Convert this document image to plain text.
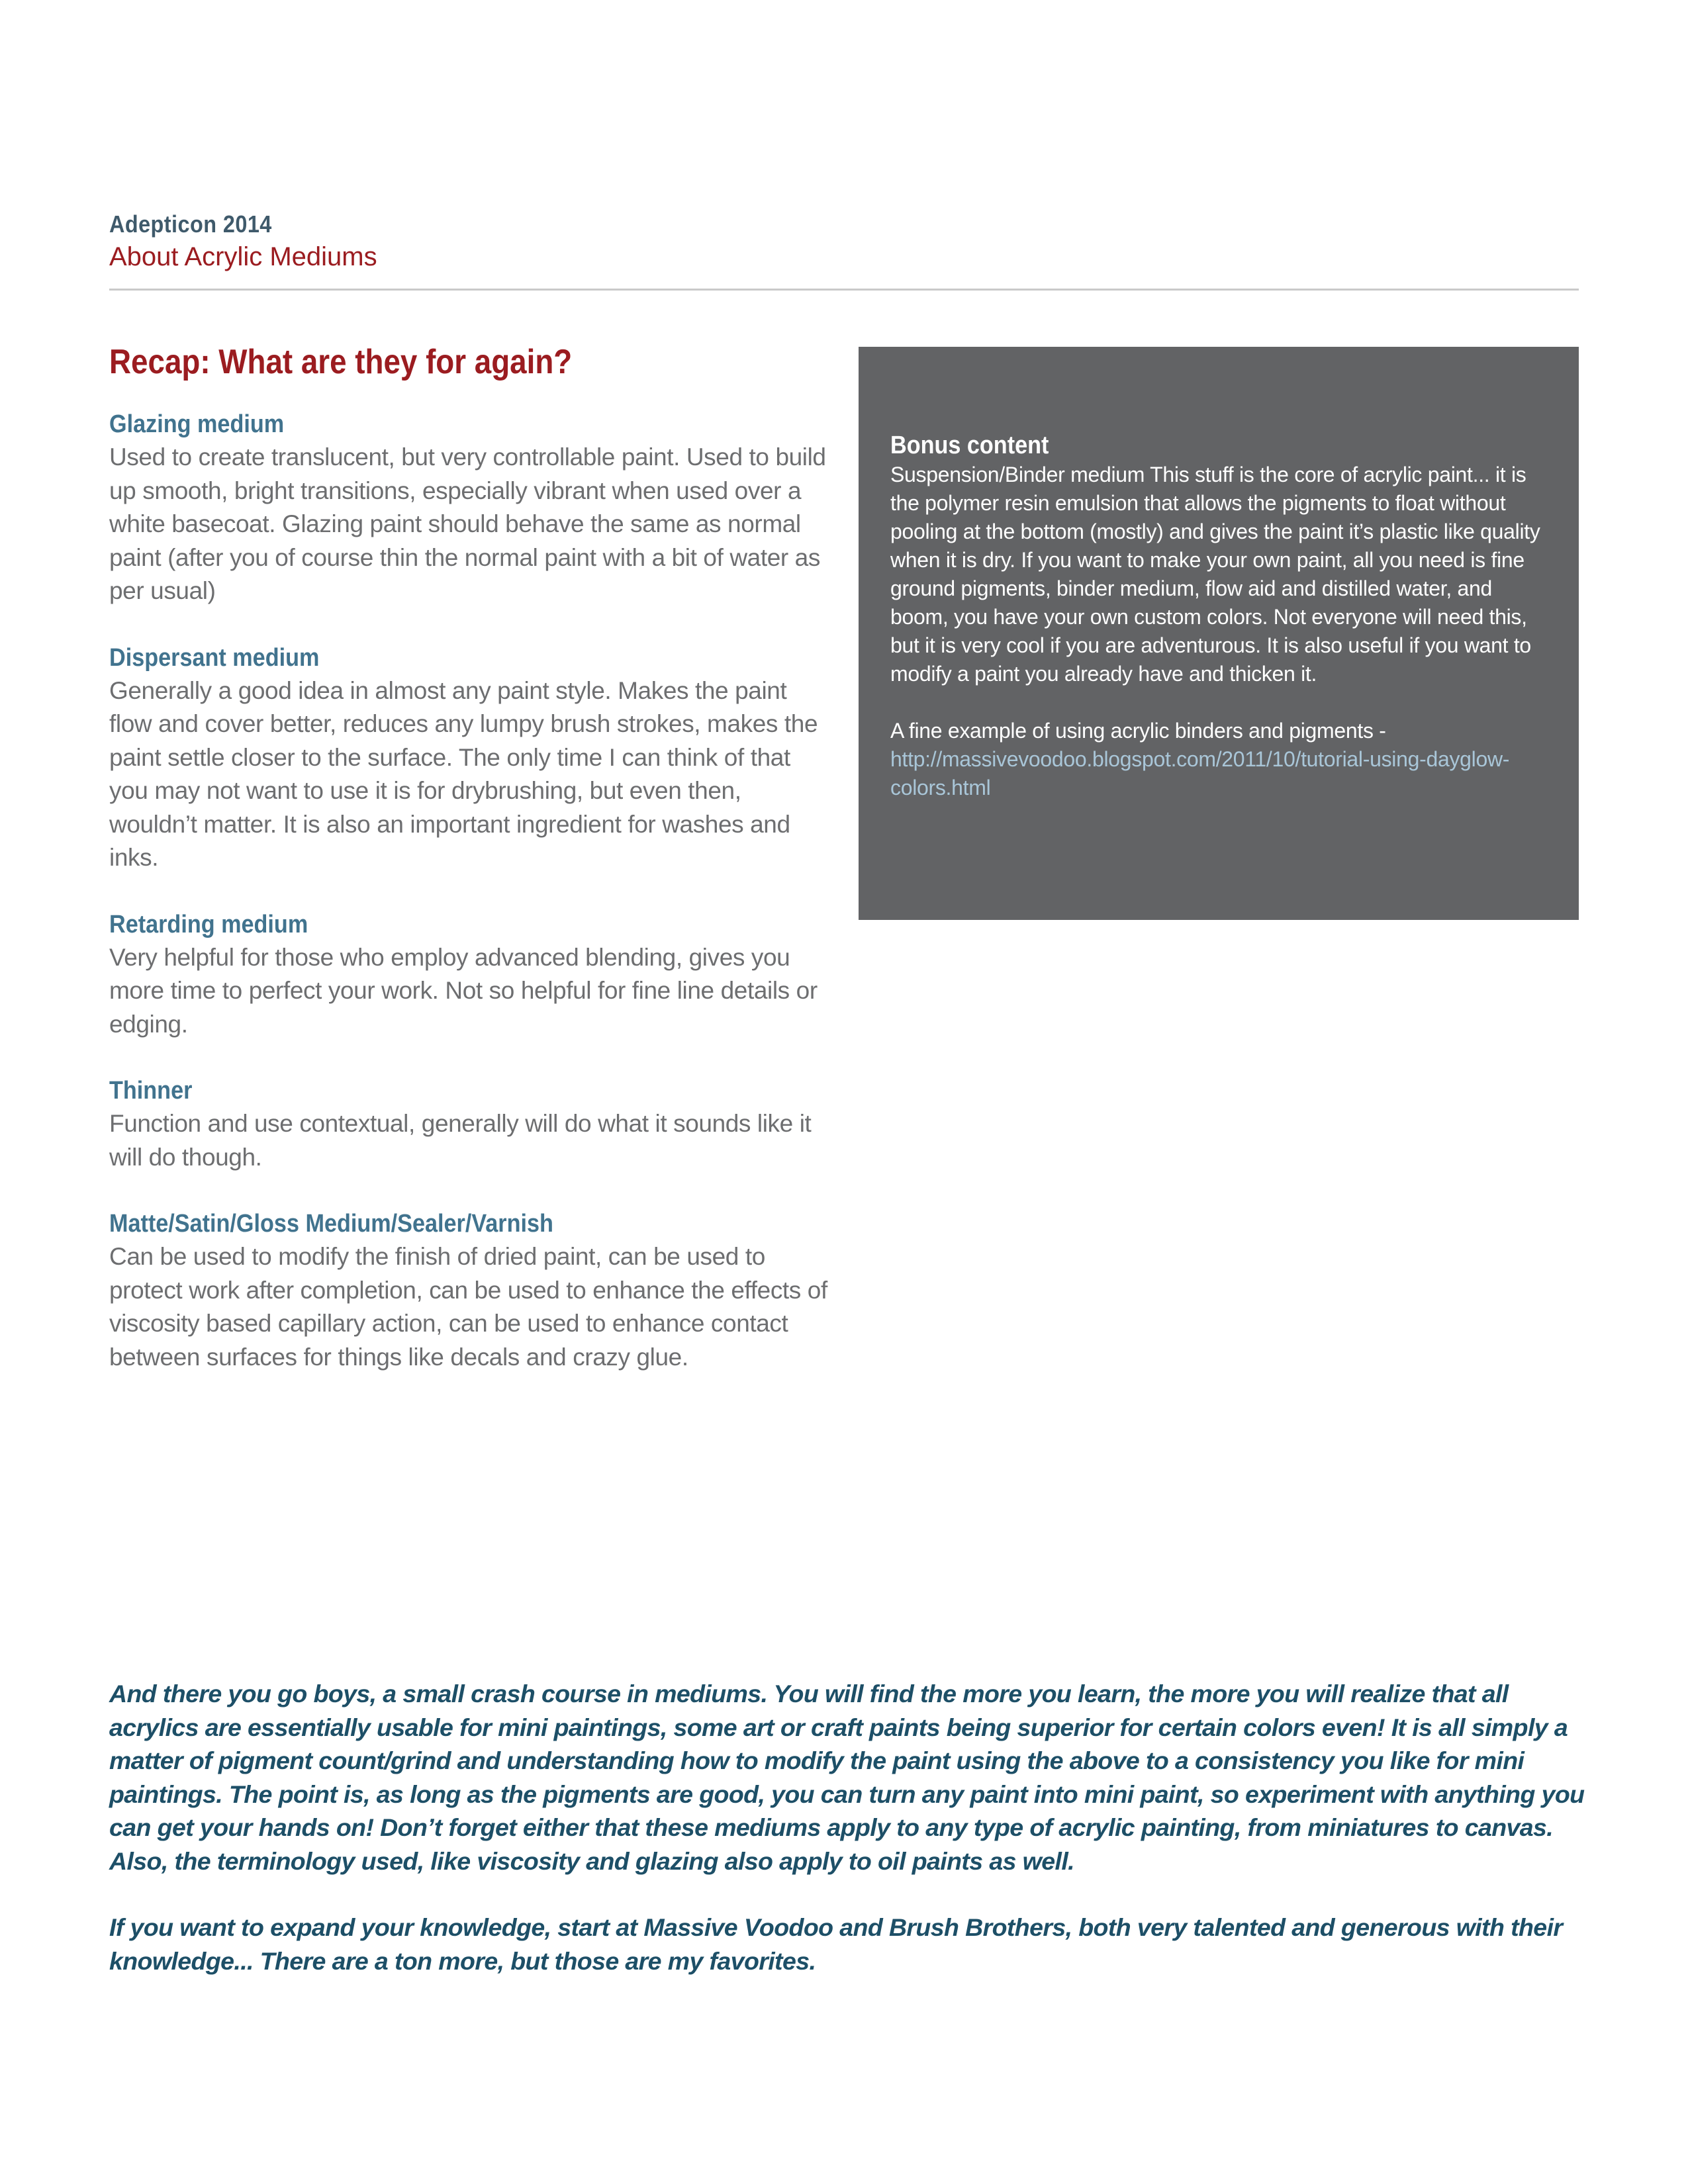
Adepticon 2014
About Acrylic Mediums
Recap: What are they for again?
Glazing medium
Used to create translucent, but very controllable paint. Used to build up smooth, bright transitions, especially vibrant when used over a white basecoat. Glazing paint should behave the same as normal paint (after you of course thin the normal paint with a bit of water as per usual)
Dispersant medium
Generally a good idea in almost any paint style. Makes the paint flow and cover better, reduces any lumpy brush strokes, makes the paint settle closer to the surface. The only time I can think of that you may not want to use it is for drybrushing, but even then, wouldn’t matter. It is also an important ingredient for washes and inks.
Retarding medium
Very helpful for those who employ advanced blending, gives you more time to perfect your work. Not so helpful for fine line details or edging.
Thinner
Function and use contextual, generally will do what it sounds like it will do though.
Matte/Satin/Gloss Medium/Sealer/Varnish
Can be used to modify the finish of dried paint, can be used to protect work after completion, can be used to enhance the effects of viscosity based capillary action, can be used to enhance contact between surfaces for things like decals and crazy glue.
Bonus content
Suspension/Binder medium This stuff is the core of acrylic paint... it is the polymer resin emulsion that allows the pigments to float without pooling at the bottom (mostly) and gives the paint it’s plastic like quality when it is dry. If you want to make your own paint, all you need is fine ground pigments, binder medium, flow aid and distilled water, and boom, you have your own custom colors. Not everyone will need this, but it is very cool if you are adventurous. It is also useful if you want to modify a paint you already have and thicken it.
A fine example of using acrylic binders and pigments -
http://massivevoodoo.blogspot.com/2011/10/tutorial-using-dayglow-colors.html

And there you go boys, a small crash course in mediums. You will find the more you learn, the more you will realize that all acrylics are essentially usable for mini paintings, some art or craft paints being superior for certain colors even! It is all simply a matter of pigment count/grind and understanding how to modify the paint using the above to a consistency you like for mini paintings. The point is, as long as the pigments are good, you can turn any paint into mini paint, so experiment with anything you can get your hands on! Don’t forget either that these mediums apply to any type of acrylic painting, from miniatures to canvas. Also, the terminology used, like viscosity and glazing also apply to oil paints as well.

If you want to expand your knowledge, start at Massive Voodoo and Brush Brothers, both very talented and generous with their knowledge... There are a ton more, but those are my favorites.
